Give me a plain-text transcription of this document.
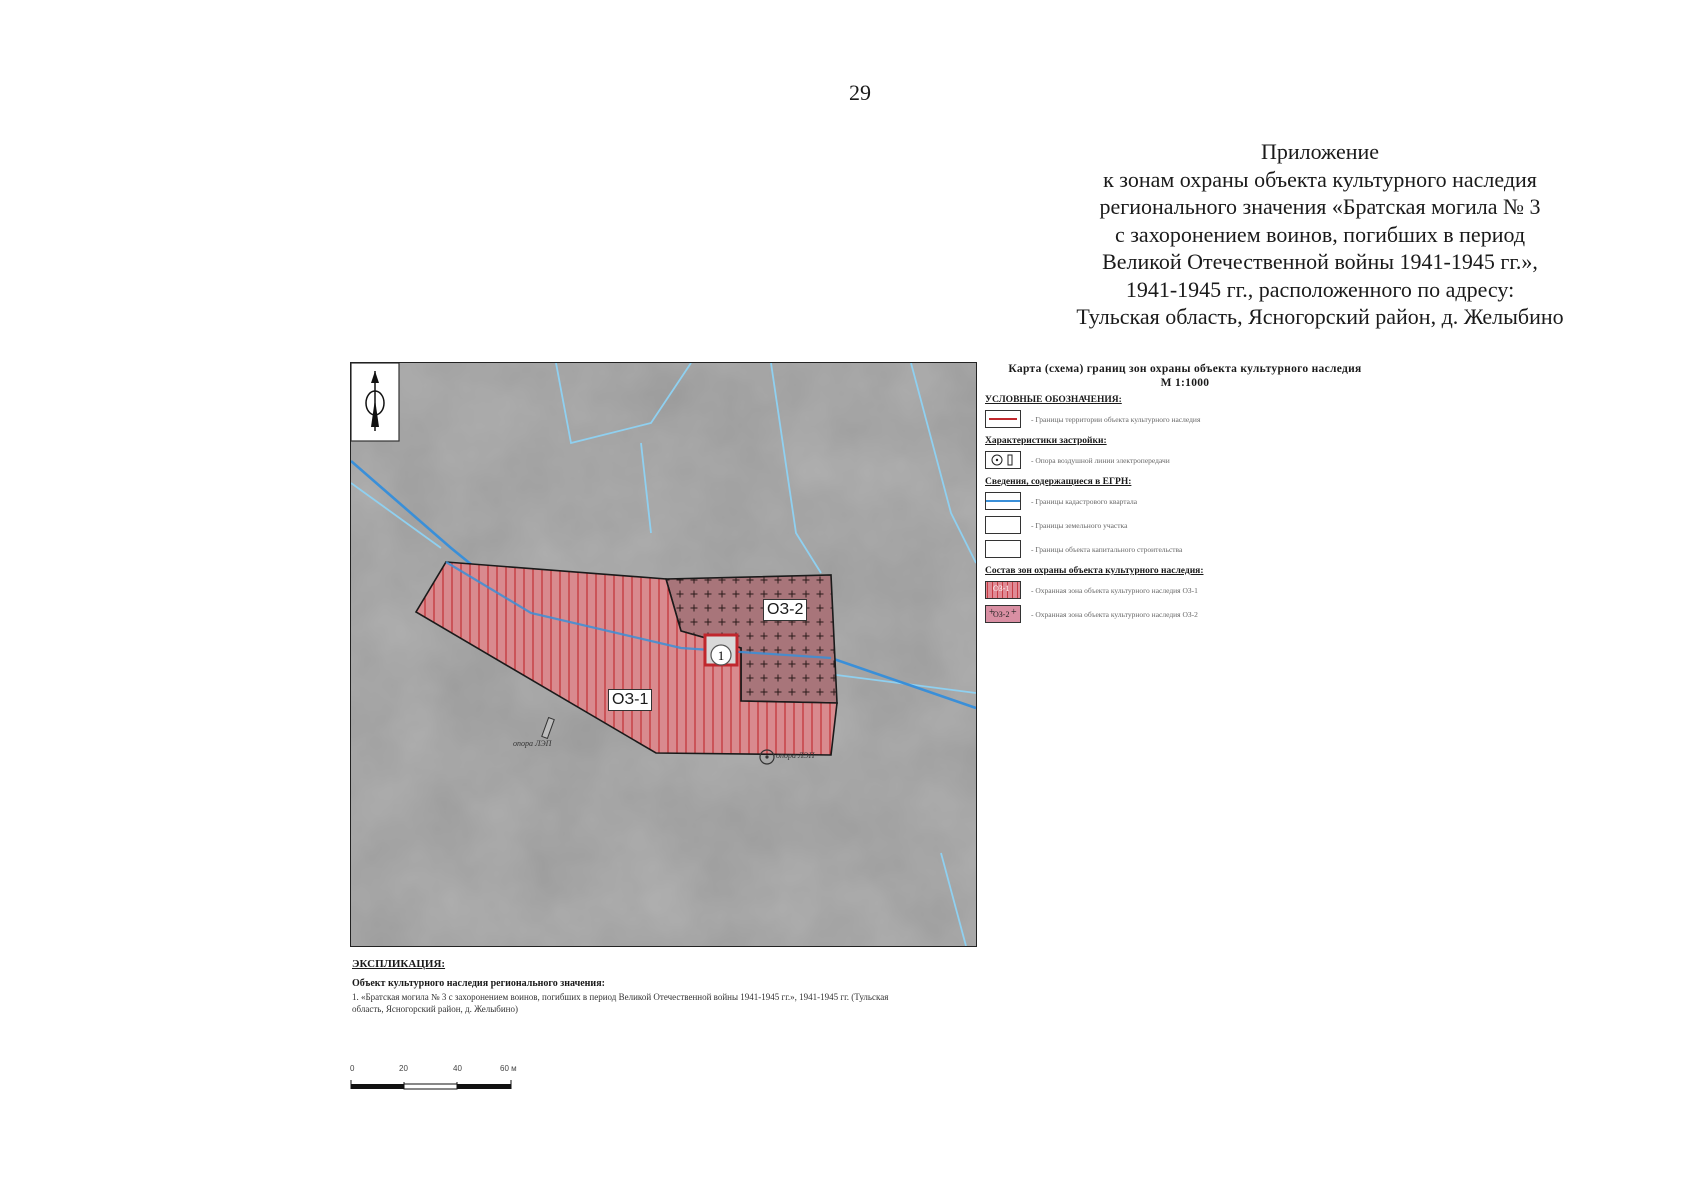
29
Приложение
к зонам охраны объекта культурного наследия
регионального значения «Братская могила № 3
с захоронением воинов, погибших в период
Великой Отечественной войны 1941-1945 гг.»,
1941-1945 гг., расположенного по адресу:
Тульская область, Ясногорский район, д. Желыбино
1
ОЗ-1
ОЗ-2
опора ЛЭП
опора ЛЭП
Карта (схема) границ зон охраны объекта культурного наследия
М 1:1000
УСЛОВНЫЕ ОБОЗНАЧЕНИЯ:
- Границы территории объекта культурного наследия
Характеристики застройки:
- Опора воздушной линии электропередачи
Сведения, содержащиеся в ЕГРН:
- Границы кадастрового квартала
- Границы земельного участка
- Границы объекта капитального строительства
Состав зон охраны объекта культурного наследия:
ОЗ-1	- Охранная зона объекта культурного наследия ОЗ-1
+ +
ОЗ-2	- Охранная зона объекта культурного наследия ОЗ-2
ЭКСПЛИКАЦИЯ:
Объект культурного наследия регионального значения:
1. «Братская могила № 3 с захоронением воинов, погибших в период Великой Отечественной войны 1941-1945 гг.», 1941-1945 гг. (Тульская область, Ясногорский район, д. Желыбино)
0	20	40	60 м
